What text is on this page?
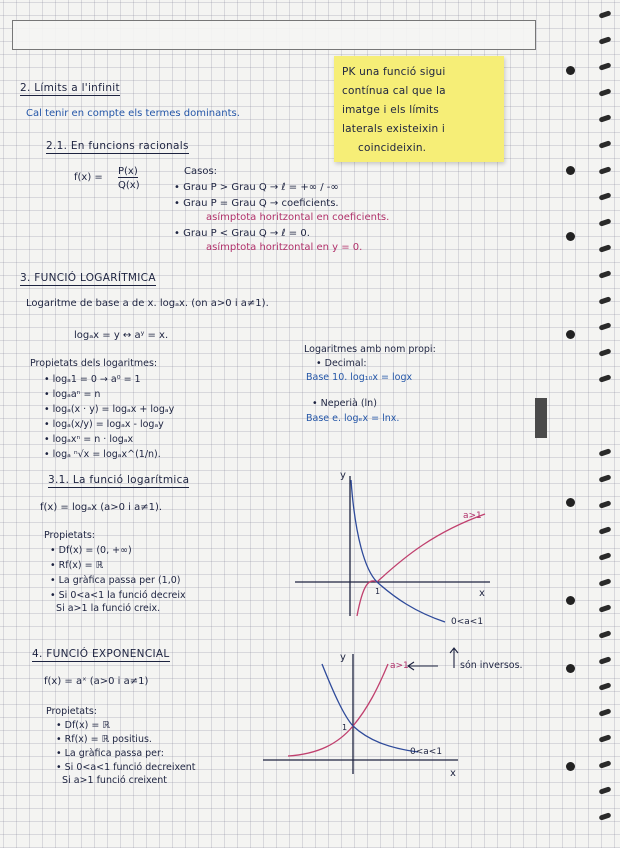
PK una funció sigui
contínua cal que la
imatge i els límits
laterals existeixin i
coincideixin.
2. Límits a l'infinit
Cal tenir en compte els termes dominants.
2.1. En funcions racionals
f(x) =
P(x)
Q(x)
Casos:
• Grau P > Grau Q → ℓ = +∞ / -∞
• Grau P = Grau Q → coeficients.
asímptota horitzontal en coeficients.
• Grau P < Grau Q → ℓ = 0.
asímptota horitzontal en y = 0.
3. FUNCIÓ LOGARÍTMICA
Logaritme de base a de x. logₐx. (on a>0 i a≠1).
logₐx = y ↔ aʸ = x.
Propietats dels logaritmes:
• logₐ1 = 0 → a⁰ = 1
• logₐaⁿ = n
• logₐ(x · y) = logₐx + logₐy
• logₐ(x/y) = logₐx - logₐy
• logₐxⁿ = n · logₐx
• logₐ ⁿ√x = logₐx^(1/n).
Logaritmes amb nom propi:
• Decimal:
Base 10. log₁₀x = logx
• Neperià (ln)
Base e. logₑx = lnx.
3.1. La funció logarítmica
f(x) = logₐx (a>0 i a≠1).
Propietats:
• Df(x) = (0, +∞)
• Rf(x) = ℝ
• La gràfica passa per (1,0)
• Si 0<a<1 la funció decreix
Si a>1 la funció creix.
y
x
1
a>1
0<a<1
4. FUNCIÓ EXPONENCIAL
f(x) = aˣ (a>0 i a≠1)
Propietats:
• Df(x) = ℝ
• Rf(x) = ℝ positius.
• La gràfica passa per:
• Si 0<a<1 funció decreixent
Si a>1 funció creixent
y
x
1
a>1
0<a<1
són inversos.
